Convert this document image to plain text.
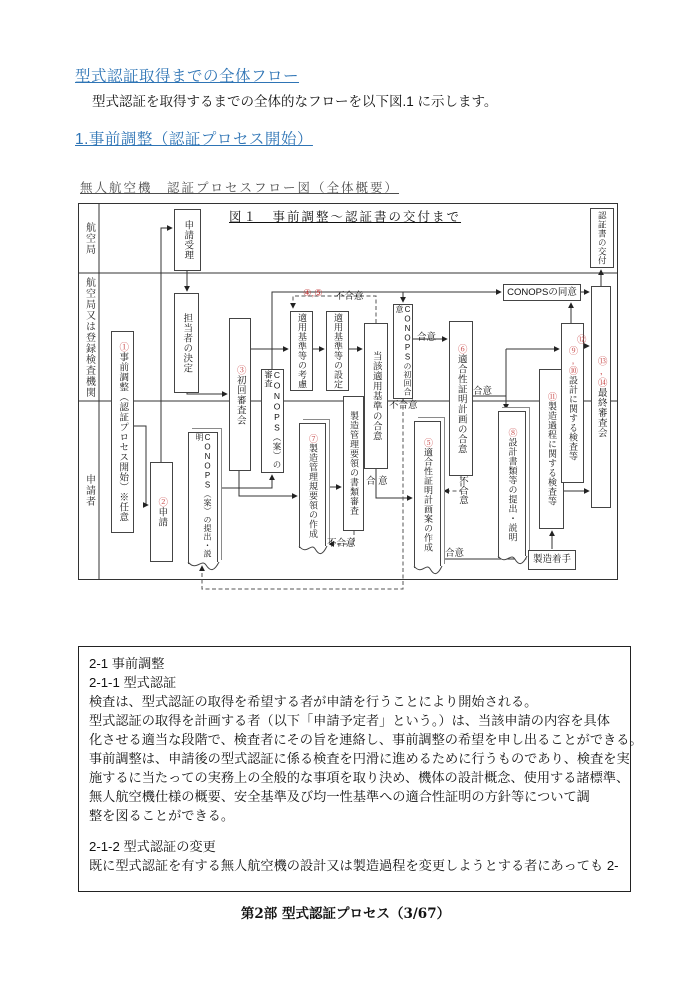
型式認証取得までの全体フロー
型式認証を取得するまでの全体的なフローを以下図.1 に示します。
1.事前調整（認証プロセス開始）
無人航空機　認証プロセスフロー図（全体概要）
図１　事前調整～認証書の交付まで
航空局
航空局又は登録検査機関
申請者
①事前調整（認証プロセス開始）※任意
申請受理
担当者の決定
②申請
③初回審査会	CONOPS（案）の審査	適用基準等の考慮	適用基準等の設定	当該適用基準の合意
製造管理要領の書類審査
⑦製造管理規要領の作成
CONOPS（案）の提出・説明
CONOPSの初回合意
⑥適合性証明計画の合意
⑤適合性証明計画案の作成
⑧設計書類等の提出・説明
⑪製造過程に関する検査等
⑨,⑩設計に関する検査等
CONOPSの同意
⑬,⑭最終審査会
認証書の交付
製造着手
④,⑤ 不合意
合意
不合意
合 意
不合意
合意
不合意
合意
⑫
2-1 事前調整
2-1-1 型式認証
検査は、型式認証の取得を希望する者が申請を行うことにより開始される。
型式認証の取得を計画する者（以下「申請予定者」という。）は、当該申請の内容を具体
化させる適当な段階で、検査者にその旨を連絡し、事前調整の希望を申し出ることができる。
事前調整は、申請後の型式認証に係る検査を円滑に進めるために行うものであり、検査を実
施するに当たっての実務上の全般的な事項を取り決め、機体の設計概念、使用する諸標準、
無人航空機仕様の概要、安全基準及び均一性基準への適合性証明の方針等について調
整を図ることができる。
2-1-2 型式認証の変更
既に型式認証を有する無人航空機の設計又は製造過程を変更しようとする者にあっても 2-
第2部 型式認証プロセス（3/67）
